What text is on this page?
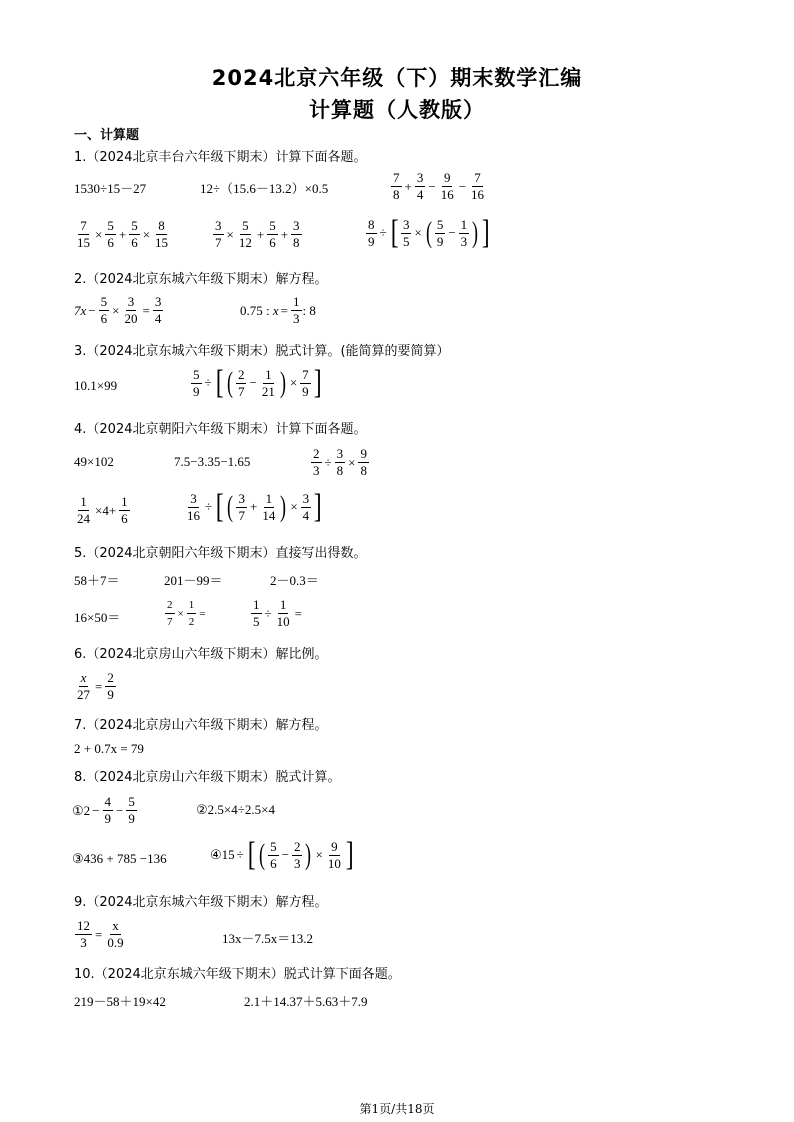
2024北京六年级（下）期末数学汇编
计算题（人教版）
一、计算题
1.（2024北京丰台六年级下期末）计算下面各题。
1530÷15－27	12÷（15.6－13.2）×0.5	$\frac{7}{8} + \frac{3}{4} - \frac{9}{16} - \frac{7}{16}$
$\frac{7}{15} \times \frac{5}{6} + \frac{5}{6} \times \frac{8}{15}$	$\frac{3}{7} \times \frac{5}{12} + \frac{5}{6} + \frac{3}{8}$	$\frac{8}{9}$ ÷ [ $\frac{3}{5}$ × ( $\frac{5}{9} - \frac{1}{3}$ ) ]
2.（2024北京东城六年级下期末）解方程。
$7x - \frac{5}{6} \times \frac{3}{20} = \frac{3}{4}$	0.75 : $x = \frac{1}{3}$ : 8
3.（2024北京东城六年级下期末）脱式计算。(能简算的要简算）
10.1×99	$\frac{5}{9}$ ÷ [ ( $\frac{2}{7} - \frac{1}{21}$ ) × $\frac{7}{9}$ ]
4.（2024北京朝阳六年级下期末）计算下面各题。
49×102	7.5−3.35−1.65	$\frac{2}{3} \div \frac{3}{8} \times \frac{9}{8}$
$\frac{1}{24} \times 4+ \frac{1}{6}$	$\frac{3}{16}$ ÷ [ ( $\frac{3}{7} + \frac{1}{14}$ ) × $\frac{3}{4}$ ]
5.（2024北京朝阳六年级下期末）直接写出得数。
58＋7＝	201－99＝	2－0.3＝
16×50＝	$\frac{2}{7} \times \frac{1}{2}$ =	$\frac{1}{5} \div \frac{1}{10}$ =
6.（2024北京房山六年级下期末）解比例。
$\frac{x}{27} = \frac{2}{9}$
7.（2024北京房山六年级下期末）解方程。
2 + 0.7x = 79
8.（2024北京房山六年级下期末）脱式计算。
①2 − $\frac{4}{9} - \frac{5}{9}$	②2.5×4÷2.5×4
③436 + 785 −136	④15 ÷ [ ( $\frac{5}{6} - \frac{2}{3}$ ) × $\frac{9}{10}$ ]
9.（2024北京东城六年级下期末）解方程。
$\frac{12}{3} = \frac{x}{0.9}$	13x－7.5x＝13.2
10.（2024北京东城六年级下期末）脱式计算下面各题。
219－58＋19×42	2.1＋14.37＋5.63＋7.9
第1页/共18页
